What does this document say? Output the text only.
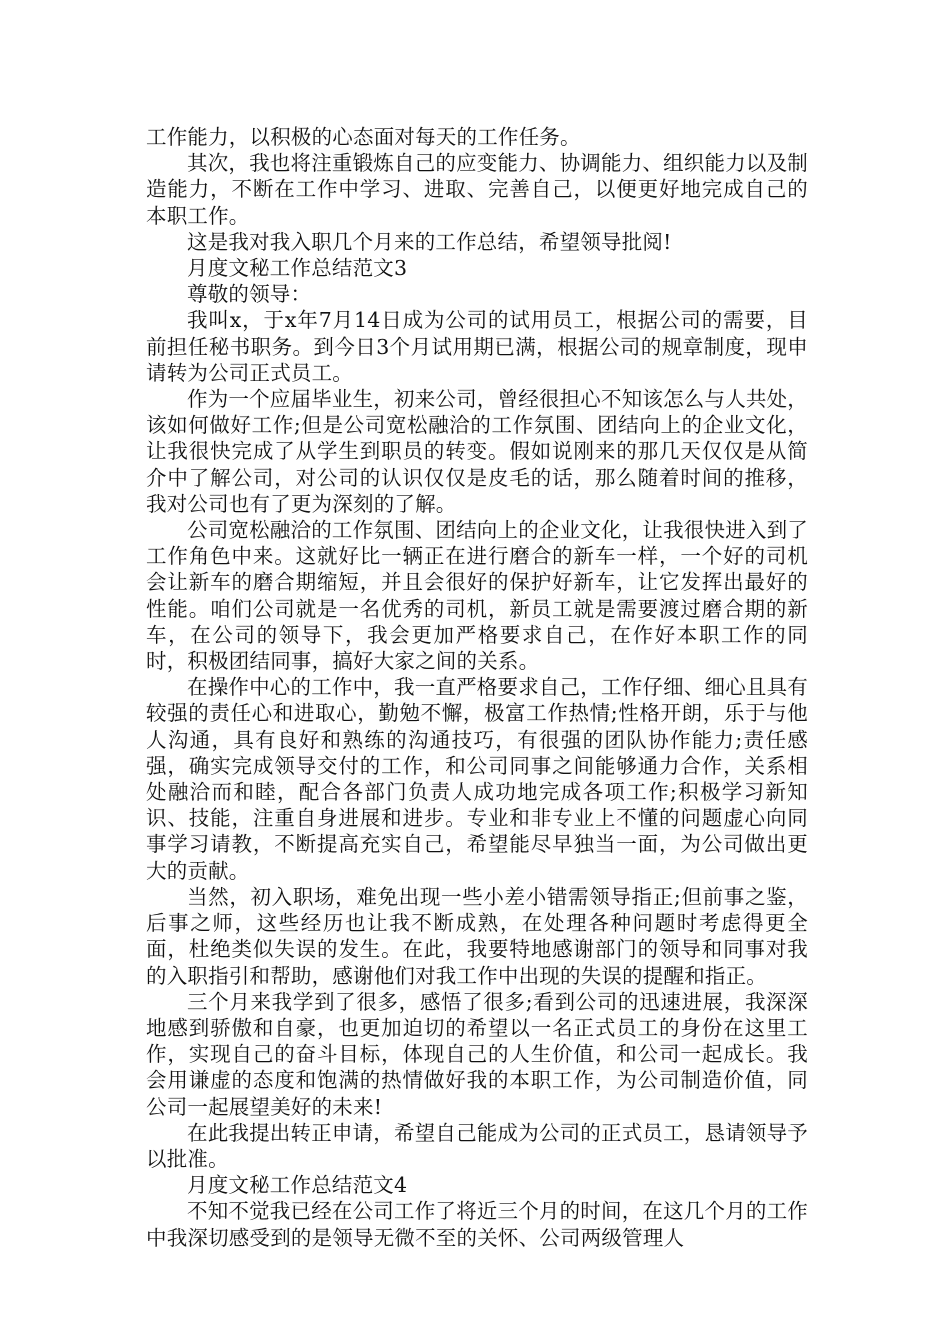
工作能力，以积极的心态面对每天的工作任务。

其次，我也将注重锻炼自己的应变能力、协调能力、组织能力以及制造能力，不断在工作中学习、进取、完善自己，以便更好地完成自己的本职工作。

这是我对我入职几个月来的工作总结，希望领导批阅!

月度文秘工作总结范文3

尊敬的领导：

我叫x，于x年7月14日成为公司的试用员工，根据公司的需要，目前担任秘书职务。到今日3个月试用期已满，根据公司的规章制度，现申请转为公司正式员工。

作为一个应届毕业生，初来公司，曾经很担心不知该怎么与人共处，该如何做好工作;但是公司宽松融洽的工作氛围、团结向上的企业文化，让我很快完成了从学生到职员的转变。假如说刚来的那几天仅仅是从简介中了解公司，对公司的认识仅仅是皮毛的话，那么随着时间的推移，我对公司也有了更为深刻的了解。

公司宽松融洽的工作氛围、团结向上的企业文化，让我很快进入到了工作角色中来。这就好比一辆正在进行磨合的新车一样，一个好的司机会让新车的磨合期缩短，并且会很好的保护好新车，让它发挥出最好的性能。咱们公司就是一名优秀的司机，新员工就是需要渡过磨合期的新车，在公司的领导下，我会更加严格要求自己，在作好本职工作的同时，积极团结同事，搞好大家之间的关系。

在操作中心的工作中，我一直严格要求自己，工作仔细、细心且具有较强的责任心和进取心，勤勉不懈，极富工作热情;性格开朗，乐于与他人沟通，具有良好和熟练的沟通技巧，有很强的团队协作能力;责任感强，确实完成领导交付的工作，和公司同事之间能够通力合作，关系相处融洽而和睦，配合各部门负责人成功地完成各项工作;积极学习新知识、技能，注重自身进展和进步。专业和非专业上不懂的问题虚心向同事学习请教，不断提高充实自己，希望能尽早独当一面，为公司做出更大的贡献。

当然，初入职场，难免出现一些小差小错需领导指正;但前事之鉴，后事之师，这些经历也让我不断成熟，在处理各种问题时考虑得更全面，杜绝类似失误的发生。在此，我要特地感谢部门的领导和同事对我的入职指引和帮助，感谢他们对我工作中出现的失误的提醒和指正。

三个月来我学到了很多，感悟了很多;看到公司的迅速进展，我深深地感到骄傲和自豪，也更加迫切的希望以一名正式员工的身份在这里工作，实现自己的奋斗目标，体现自己的人生价值，和公司一起成长。我会用谦虚的态度和饱满的热情做好我的本职工作，为公司制造价值，同公司一起展望美好的未来!

在此我提出转正申请，希望自己能成为公司的正式员工，恳请领导予以批准。

月度文秘工作总结范文4

不知不觉我已经在公司工作了将近三个月的时间，在这几个月的工作中我深切感受到的是领导无微不至的关怀、公司两级管理人
